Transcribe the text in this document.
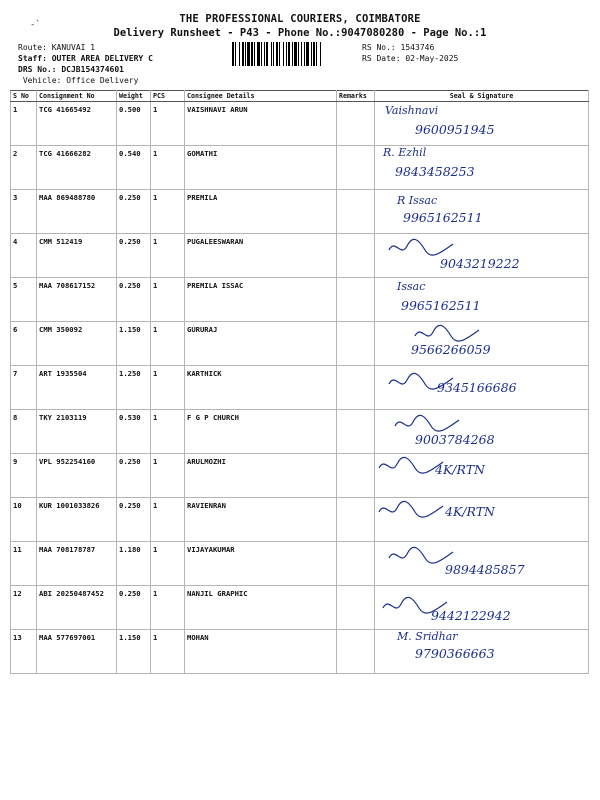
-̀	THE PROFESSIONAL COURIERS, COIMBATORE
Delivery Runsheet - P43 - Phone No.:9047080280 - Page No.:1
Route: KANUVAI 1
Staff: OUTER AREA DELIVERY C
DRS No.: DCJB154374601
Vehicle: Office Delivery
RS No.: 1543746
RS Date: 02-May-2025
S No	Consignment No	Weight	PCS	Consignee Details	Remarks	Seal & Signature
1	TCG 41665492	0.500	1	VAISHNAVI ARUN		Vaishnavi
9600951945

2	TCG 41666282	0.540	1	GOMATHI		R. Ezhil
9843458253

3	MAA 869488780	0.250	1	PREMILA		R Issac
9965162511

4	CMM 512419	0.250	1	PUGALEESWARAN		9043219222

5	MAA 708617152	0.250	1	PREMILA ISSAC		Issac
9965162511

6	CMM 350092	1.150	1	GURURAJ		9566266059

7	ART 1935504	1.250	1	KARTHICK		9345166686

8	TKY 2103119	0.530	1	F G P CHURCH		9003784268

9	VPL 952254160	0.250	1	ARULMOZHI		4K/RTN

10	KUR 1001033826	0.250	1	RAVIENRAN		4K/RTN

11	MAA 708178787	1.180	1	VIJAYAKUMAR		9894485857

12	ABI 20250487452	0.250	1	NANJIL GRAPHIC		9442122942

13	MAA 577697001	1.150	1	MOHAN		M. Sridhar
9790366663
